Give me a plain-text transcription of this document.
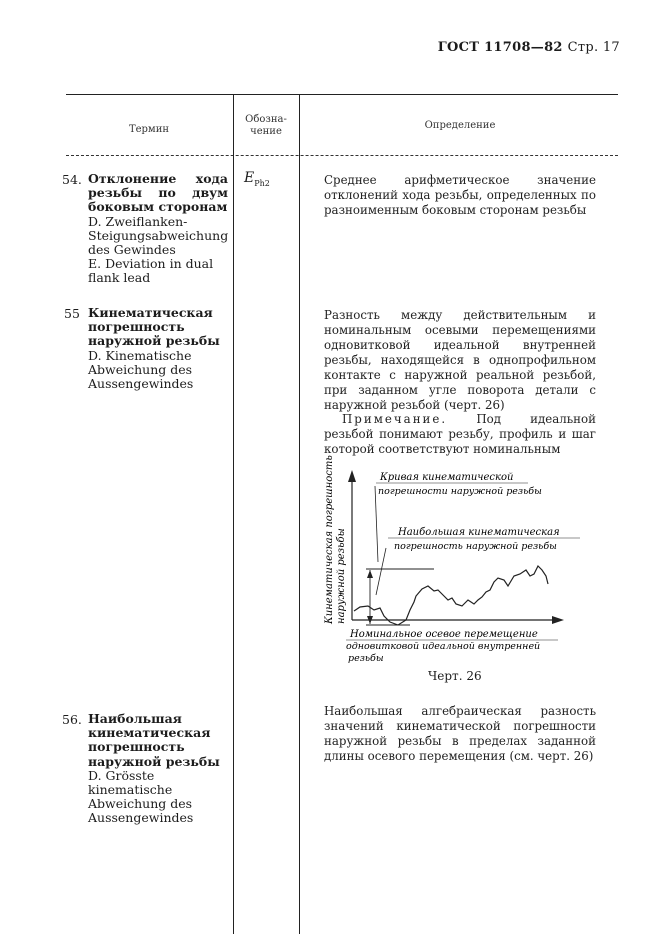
ГОСТ 11708—82 Стр. 17
Термин
Обозна-чение
Определение
54. Отклонение хода резьбы по двум боковым сторонам
D. Zweiflanken-Steigungsabweichung des Gewindes
E. Deviation in dual flank lead
$E_{Ph2}$	Среднее арифметическое значение отклонений хода резьбы, определенных по разноименным боковым сторонам резьбы
55 Кинематическая погрешность наружной резьбы
D. Kinematische Abweichung des Aussengewindes
Разность между действительным и номинальным осевыми перемещениями одновитковой идеальной внутренней резьбы, находящейся в однопрофильном контакте с наружной реальной резьбой, при заданном угле поворота детали с наружной резьбой (черт. 26)
Примечание. Под идеальной резьбой понимают резьбу, профиль и шаг которой соответствуют номинальным
Кинематическая погрешность наружной резьбы
Кривая кинематической
погрешности наружной резьбы
Наибольшая кинематическая
погрешность наружной резьбы
Номинальное осевое перемещение
одновитковой идеальной внутренней
резьбы
Черт. 26
56. Наибольшая кинематическая погрешность наружной резьбы
D. Grösste kinematische Abweichung des Aussengewindes
Наибольшая алгебраическая разность значений кинематической погрешности наружной резьбы в пределах заданной длины осевого перемещения (см. черт. 26)
